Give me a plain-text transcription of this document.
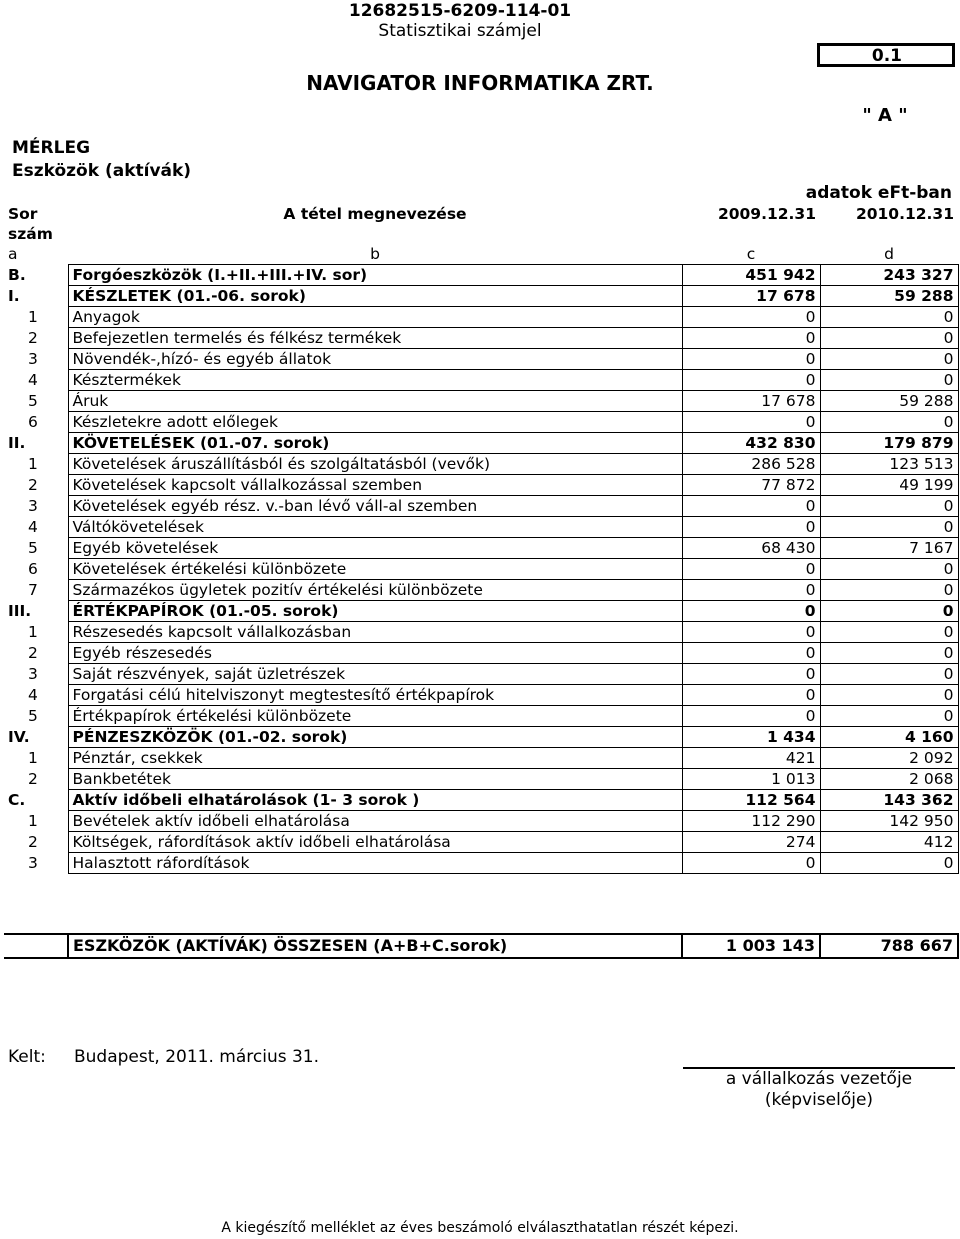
12682515-6209-114-01
Statisztikai számjel
0.1
NAVIGATOR INFORMATIKA ZRT.
" A "
MÉRLEG
Eszközök (aktívák)
adatok eFt-ban
Sor	A tétel megnevezése	2009.12.31	2010.12.31
szám			
a	b	c	d
B.	Forgóeszközök (I.+II.+III.+IV. sor)	451 942	243 327
I.	KÉSZLETEK (01.-06. sorok)	17 678	59 288
1	Anyagok	0	0
2	Befejezetlen termelés és félkész termékek	0	0
3	Növendék-,hízó- és egyéb állatok	0	0
4	Késztermékek	0	0
5	Áruk	17 678	59 288
6	Készletekre adott előlegek	0	0
II.	KÖVETELÉSEK (01.-07. sorok)	432 830	179 879
1	Követelések áruszállításból és szolgáltatásból (vevők)	286 528	123 513
2	Követelések kapcsolt vállalkozással szemben	77 872	49 199
3	Követelések egyéb rész. v.-ban lévő váll-al szemben	0	0
4	Váltókövetelések	0	0
5	Egyéb követelések	68 430	7 167
6	Követelések értékelési különbözete	0	0
7	Származékos ügyletek pozitív értékelési különbözete	0	0
III.	ÉRTÉKPAPÍROK (01.-05. sorok)	0	0
1	Részesedés kapcsolt vállalkozásban	0	0
2	Egyéb részesedés	0	0
3	Saját részvények, saját üzletrészek	0	0
4	Forgatási célú hitelviszonyt megtestesítő értékpapírok	0	0
5	Értékpapírok értékelési különbözete	0	0
IV.	PÉNZESZKÖZÖK (01.-02. sorok)	1 434	4 160
1	Pénztár, csekkek	421	2 092
2	Bankbetétek	1 013	2 068
C.	Aktív időbeli elhatárolások (1- 3 sorok )	112 564	143 362
1	Bevételek aktív időbeli elhatárolása	112 290	142 950
2	Költségek, ráfordítások aktív időbeli elhatárolása	274	412
3	Halasztott ráfordítások	0	0
	ESZKÖZÖK (AKTÍVÁK) ÖSSZESEN (A+B+C.sorok)	1 003 143	788 667
Kelt: Budapest, 2011. március 31.
a vállalkozás vezetője
(képviselője)
A kiegészítő melléklet az éves beszámoló elválaszthatatlan részét képezi.
